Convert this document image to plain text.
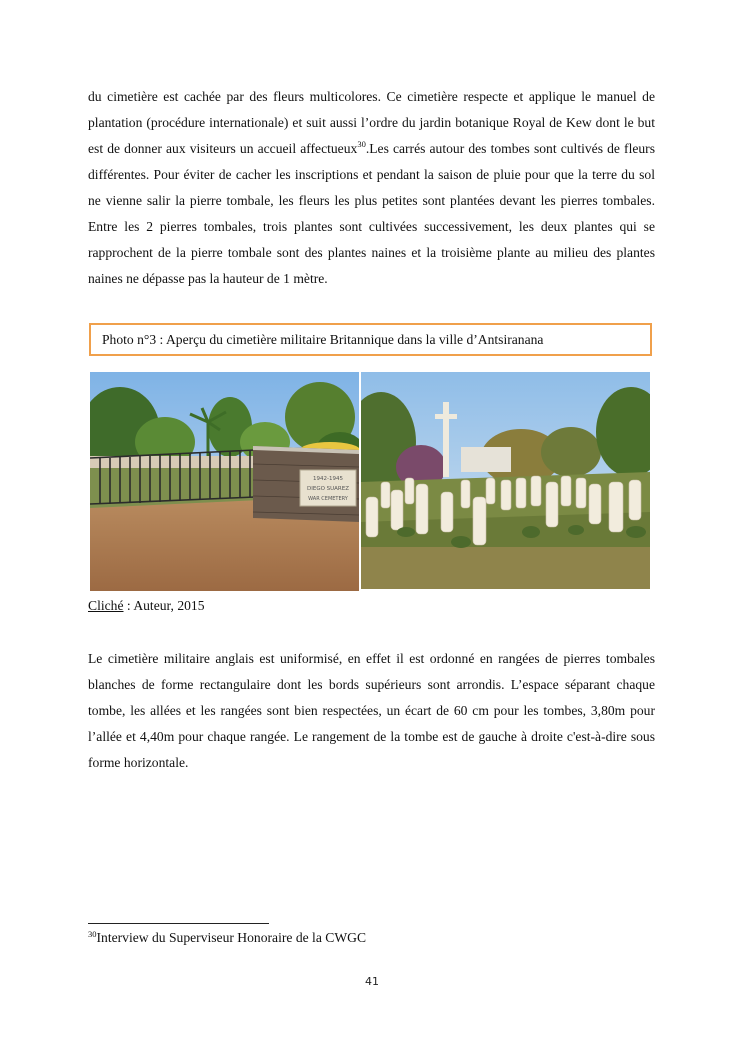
du cimetière est cachée par des fleurs multicolores. Ce cimetière respecte et applique le manuel de plantation (procédure internationale) et suit aussi l’ordre du jardin botanique Royal de Kew dont le but est de donner aux visiteurs un accueil affectueux$^{30}$.Les carrés autour des tombes sont cultivés de fleurs différentes. Pour éviter de cacher les inscriptions et pendant la saison de pluie pour que la terre du sol ne vienne salir la pierre tombale, les fleurs les plus petites sont plantées devant les pierres tombales. Entre les 2 pierres tombales, trois plantes sont cultivées successivement, les deux plantes qui se rapprochent de la pierre tombale sont des plantes naines et la troisième plante au milieu des plantes naines ne dépasse pas la hauteur de 1 mètre.

Photo n°3 : Aperçu du cimetière militaire Britannique dans la ville d’Antsiranana
1942-1945
DIEGO SUAREZ
WAR CEMETERY
Cliché : Auteur, 2015

Le cimetière militaire anglais est uniformisé, en effet il est ordonné en rangées de pierres tombales blanches de forme rectangulaire dont les bords supérieurs sont arrondis. L’espace séparant chaque tombe, les allées et les rangées sont bien respectées, un écart de 60 cm pour les tombes, 3,80m pour l’allée et 4,40m pour chaque rangée. Le rangement de la tombe est de gauche à droite c'est-à-dire sous forme horizontale.

$^{30}$Interview du Superviseur Honoraire de la CWGC
41
